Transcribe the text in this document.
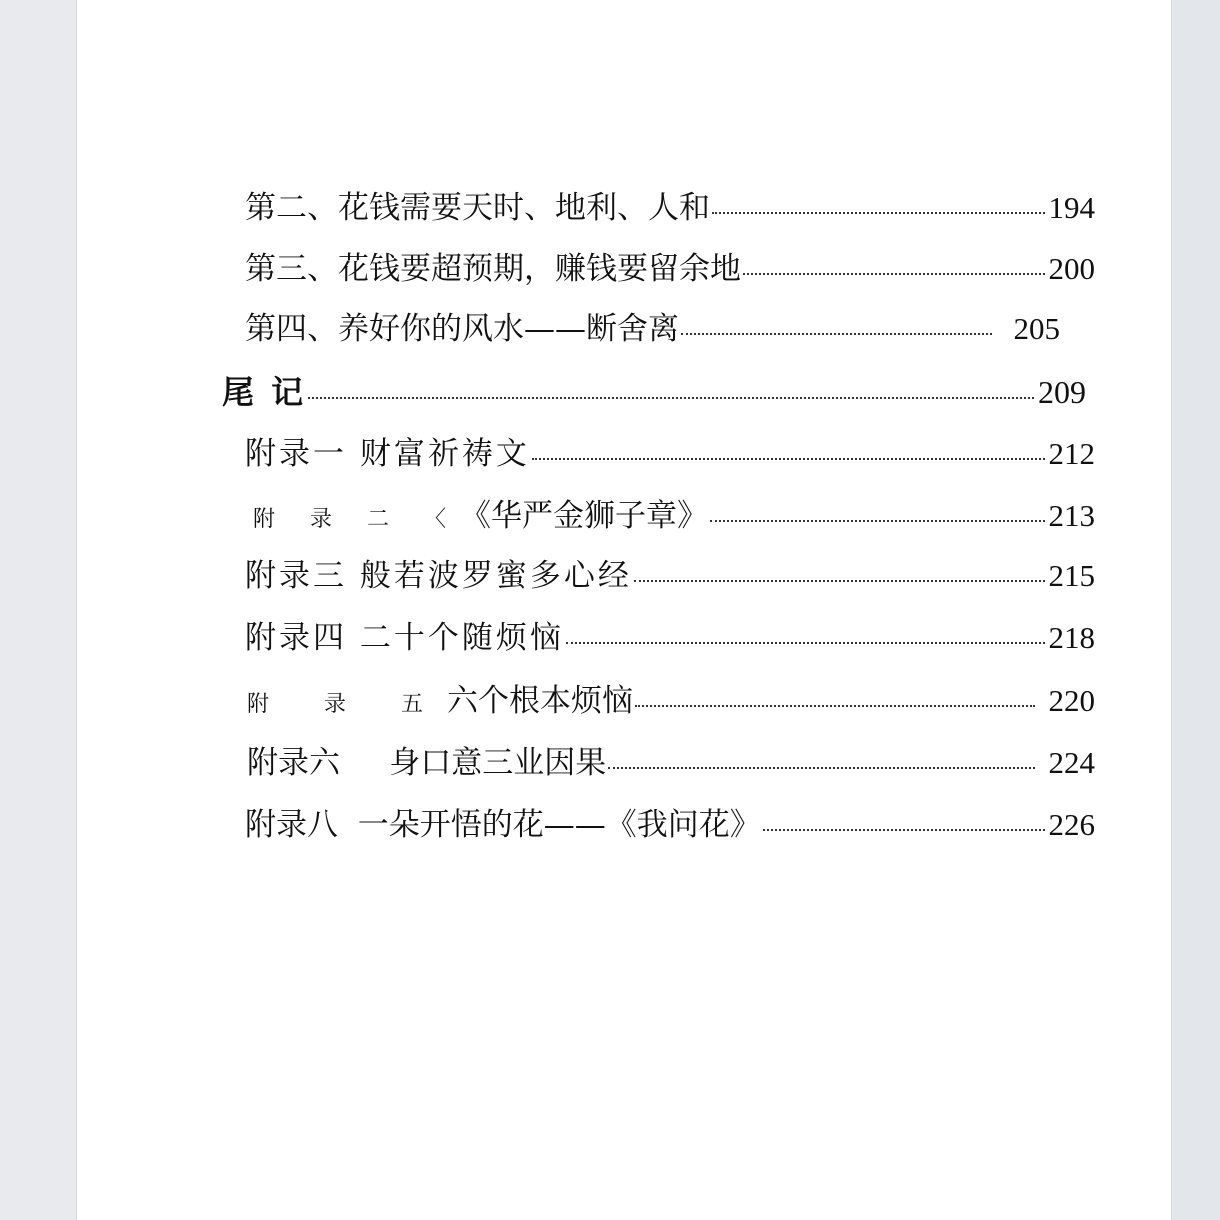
第二、花钱需要天时、地利、人和	194
第三、花钱要超预期，赚钱要留余地	200
第四、养好你的风水——断舍离	205
尾 记	209
附录一 财富祈祷文	212
附 录 二 〈 《华严金狮子章》	213
附录三 般若波罗蜜多心经	215
附录四 二十个随烦恼	218
附 录 五 六个根本烦恼	220
附录六     身口意三业因果	224
附录八  一朵开悟的花——《我问花》	226
